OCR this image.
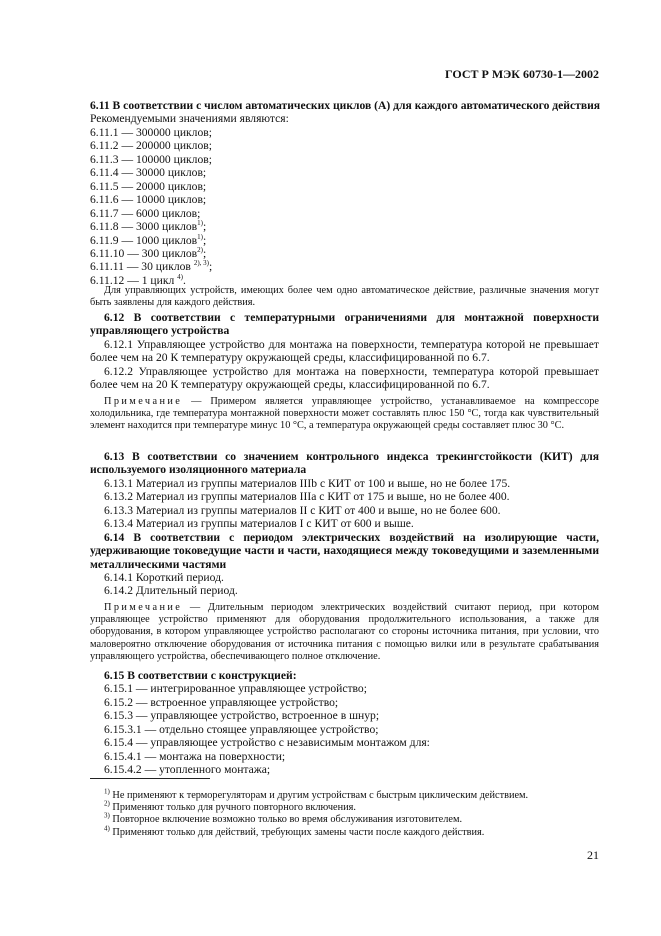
ГОСТ Р МЭК 60730-1—2002
6.11 В соответствии с числом автоматических циклов (А) для каждого автоматического действия
Рекомендуемыми значениями являются:
6.11.1 — 300000 циклов;
6.11.2 — 200000 циклов;
6.11.3 — 100000 циклов;
6.11.4 — 30000 циклов;
6.11.5 — 20000 циклов;
6.11.6 — 10000 циклов;
6.11.7 — 6000 циклов;
6.11.8 — 3000 циклов$^{1)}$;
6.11.9 — 1000 циклов$^{1)}$;
6.11.10 — 300 циклов$^{2)}$;
6.11.11 — 30 циклов $^{2), 3)}$;
6.11.12 — 1 цикл $^{4)}$.
Для управляющих устройств, имеющих более чем одно автоматическое действие, различные значения могут быть заявлены для каждого действия.
6.12 В соответствии с температурными ограничениями для монтажной поверхности управляющего устройства
6.12.1 Управляющее устройство для монтажа на поверхности, температура которой не превышает более чем на 20 К температуру окружающей среды, классифицированной по 6.7.
6.12.2 Управляющее устройство для монтажа на поверхности, температура которой превышает более чем на 20 К температуру окружающей среды, классифицированной по 6.7.
Примечание — Примером является управляющее устройство, устанавливаемое на компрессоре холодильника, где температура монтажной поверхности может составлять плюс 150 °С, тогда как чувствительный элемент находится при температуре минус 10 °С, а температура окружающей среды составляет плюс 30 °С.
6.13 В соответствии со значением контрольного индекса трекингстойкости (КИТ) для используемого изоляционного материала
6.13.1 Материал из группы материалов IIIb с КИТ от 100 и выше, но не более 175.
6.13.2 Материал из группы материалов IIIа с КИТ от 175 и выше, но не более 400.
6.13.3 Материал из группы материалов II с КИТ от 400 и выше, но не более 600.
6.13.4 Материал из группы материалов I с КИТ от 600 и выше.
6.14 В соответствии с периодом электрических воздействий на изолирующие части, удерживающие токоведущие части и части, находящиеся между токоведущими и заземленными металлическими частями
6.14.1 Короткий период.
6.14.2 Длительный период.
Примечание — Длительным периодом электрических воздействий считают период, при котором управляющее устройство применяют для оборудования продолжительного использования, а также для оборудования, в котором управляющее устройство располагают со стороны источника питания, при условии, что маловероятно отключение оборудования от источника питания с помощью вилки или в результате срабатывания управляющего устройства, обеспечивающего полное отключение.
6.15 В соответствии с конструкцией:
6.15.1 — интегрированное управляющее устройство;
6.15.2 — встроенное управляющее устройство;
6.15.3 — управляющее устройство, встроенное в шнур;
6.15.3.1 — отдельно стоящее управляющее устройство;
6.15.4 — управляющее устройство с независимым монтажом для:
6.15.4.1 — монтажа на поверхности;
6.15.4.2 — утопленного монтажа;
$^{1)}$ Не применяют к терморегуляторам и другим устройствам с быстрым циклическим действием.
$^{2)}$ Применяют только для ручного повторного включения.
$^{3)}$ Повторное включение возможно только во время обслуживания изготовителем.
$^{4)}$ Применяют только для действий, требующих замены части после каждого действия.
21
